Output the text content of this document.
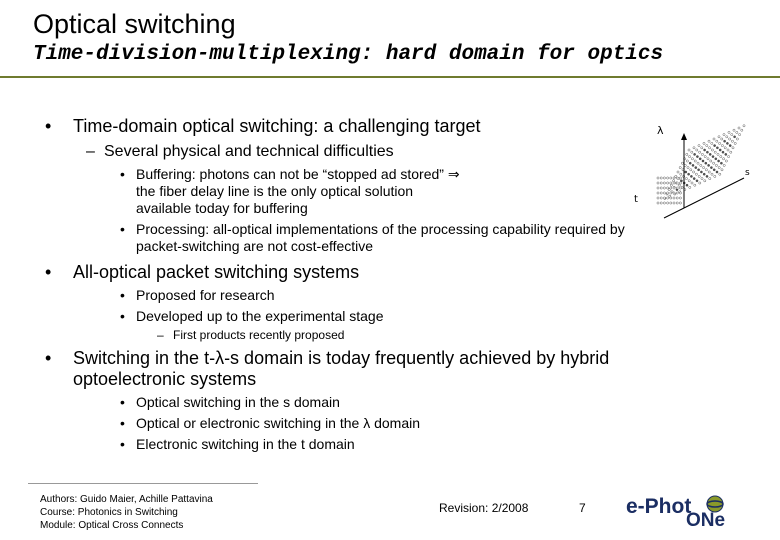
Optical switching
Time-division-multiplexing: hard domain for optics
• Time-domain optical switching: a challenging target
– Several physical and technical difficulties
• Buffering: photons can not be “stopped ad stored” ⇒
the fiber delay line is the only optical solution
available today for buffering
• Processing: all-optical implementations of the processing capability required by
packet-switching are not cost-effective
• All-optical packet switching systems
• Proposed for research
• Developed up to the experimental stage
– First products recently proposed
• Switching in the t-λ-s domain is today frequently achieved by hybrid
optoelectronic systems
• Optical switching in the s domain
• Optical or electronic switching in the λ domain
• Electronic switching in the t domain
λ
s
t
Authors: Guido Maier, Achille Pattavina
Course: Photonics in Switching
Module: Optical Cross Connects
Revision: 2/2008	7 e-Phot
ONe
